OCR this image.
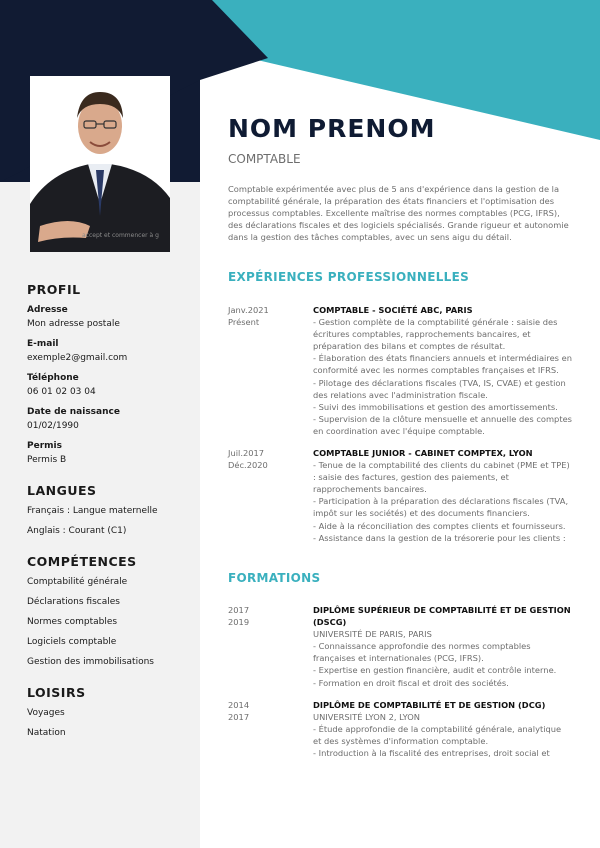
accept et commencer à g
PROFIL

Adresse

Mon adresse postale

E-mail

exemple2@gmail.com

Téléphone

06 01 02 03 04

Date de naissance

01/02/1990

Permis

Permis B

LANGUES

Français : Langue maternelle

Anglais : Courant (C1)

COMPÉTENCES

Comptabilité générale

Déclarations fiscales

Normes comptables

Logiciels comptable

Gestion des immobilisations

LOISIRS

Voyages

Natation

NOM PRENOM

COMPTABLE

Comptable expérimentée avec plus de 5 ans d'expérience dans la gestion de la comptabilité générale, la préparation des états financiers et l'optimisation des processus comptables. Excellente maîtrise des normes comptables (PCG, IFRS), des déclarations fiscales et des logiciels spécialisés. Grande rigueur et autonomie dans la gestion des tâches comptables, avec un sens aigu du détail.

EXPÉRIENCES PROFESSIONNELLES
Janv.2021
Présent
COMPTABLE - SOCIÉTÉ ABC, PARIS

- Gestion complète de la comptabilité générale : saisie des écritures comptables, rapprochements bancaires, et préparation des bilans et comptes de résultat.

- Élaboration des états financiers annuels et intermédiaires en conformité avec les normes comptables françaises et IFRS.

- Pilotage des déclarations fiscales (TVA, IS, CVAE) et gestion des relations avec l'administration fiscale.

- Suivi des immobilisations et gestion des amortissements.

- Supervision de la clôture mensuelle et annuelle des comptes en coordination avec l'équipe comptable.

Juil.2017
Déc.2020
COMPTABLE JUNIOR - CABINET COMPTEX, LYON

- Tenue de la comptabilité des clients du cabinet (PME et TPE) : saisie des factures, gestion des paiements, et rapprochements bancaires.

- Participation à la préparation des déclarations fiscales (TVA, impôt sur les sociétés) et des documents financiers.

- Aide à la réconciliation des comptes clients et fournisseurs.

- Assistance dans la gestion de la trésorerie pour les clients :

FORMATIONS
2017
2019
DIPLÔME SUPÉRIEUR DE COMPTABILITÉ ET DE GESTION (DSCG)

UNIVERSITÉ DE PARIS, PARIS

- Connaissance approfondie des normes comptables françaises et internationales (PCG, IFRS).

- Expertise en gestion financière, audit et contrôle interne.

- Formation en droit fiscal et droit des sociétés.

2014
2017
DIPLÔME DE COMPTABILITÉ ET DE GESTION (DCG)

UNIVERSITÉ LYON 2, LYON

- Étude approfondie de la comptabilité générale, analytique et des systèmes d'information comptable.

- Introduction à la fiscalité des entreprises, droit social et
